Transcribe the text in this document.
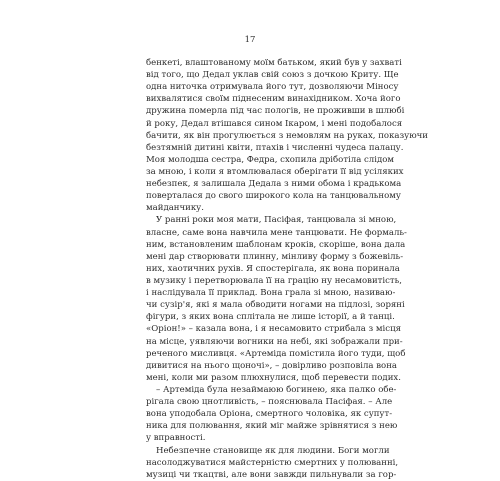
17
бенкеті, влаштованому моїм батьком, який був у захваті
від того, що Дедал уклав свій союз з дочкою Криту. Ще
одна ниточка отримувала його тут, дозволяючи Міносу
вихвалятися своїм піднесеним винахідником. Хоча його
дружина померла під час пологів, не проживши в шлюбі
й року, Дедал втішався сином Ікаром, і мені подобалося
бачити, як він прогулюється з немовлям на руках, показуючи
безтямній дитині квіти, птахів і численні чудеса палацу.
Моя молодша сестра, Федра, схопила дріботіла слідом
за мною, і коли я втомлювалася оберігати її від усіляких
небезпек, я залишала Дедала з ними обома і крадькома
поверталася до свого широкого кола на танцювальному
майданчику.
У ранні роки моя мати, Пасіфая, танцювала зі мною,
власне, саме вона навчила мене танцювати. Не формаль-
ним, встановленим шаблонам кроків, скоріше, вона дала
мені дар створювати плинну, мінливу форму з божевіль-
них, хаотичних рухів. Я спостерігала, як вона поринала
в музику і перетворювала її на грацію ну несамовитість,
і наслідувала її приклад. Вона грала зі мною, називаю-
чи сузір'я, які я мала обводити ногами на підлозі, зоряні
фігури, з яких вона сплітала не лише історії, а й танці.
«Оріон!» – казала вона, і я несамовито стрибала з місця
на місце, уявляючи вогники на небі, які зображали при-
реченого мисливця. «Артеміда помістила його туди, щоб
дивитися на нього щоночі», – довірливо розповіла вона
мені, коли ми разом плюхнулися, щоб перевести подих.
– Артеміда була незаймаюю богинею, яка палко обе-
рігала свою цнотливість, – пояснювала Пасіфая. – Але
вона уподобала Оріона, смертного чоловіка, як супут-
ника для полювання, який міг майже зрівнятися з нею
у вправності.
Небезпечне становище як для людини. Боги могли
насолоджуватися майстерністю смертних у полюванні,
музиці чи ткацтві, але вони завжди пильнували за гор-
